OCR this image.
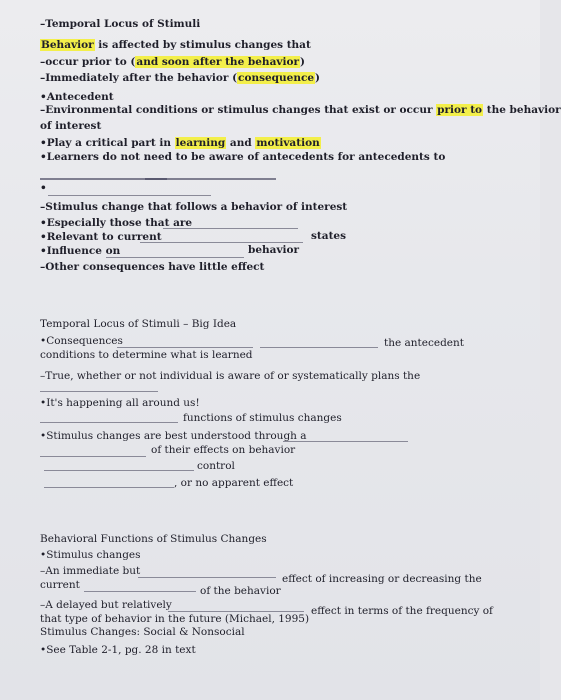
–Temporal Locus of Stimuli
Behavior is affected by stimulus changes that
–occur prior to (and soon after the behavior)
–Immediately after the behavior (consequence)
•Antecedent
–Environmental conditions or stimulus changes that exist or occur prior to the behavior
of interest
•Play a critical part in learning and motivation
•Learners do not need to be aware of antecedents for antecedents to
•
–Stimulus change that follows a behavior of interest
•Especially those that are
•Relevant to current	states
•Influence on	behavior
–Other consequences have little effect
Temporal Locus of Stimuli – Big Idea
•Consequences	the antecedent
conditions to determine what is learned
–True, whether or not individual is aware of or systematically plans the
•It's happening all around us!
functions of stimulus changes
•Stimulus changes are best understood through a
of their effects on behavior
control
, or no apparent effect
Behavioral Functions of Stimulus Changes
•Stimulus changes
–An immediate but
effect of increasing or decreasing the
current	of the behavior
–A delayed but relatively	effect in terms of the frequency of
that type of behavior in the future (Michael, 1995)
Stimulus Changes: Social & Nonsocial
•See Table 2-1, pg. 28 in text
